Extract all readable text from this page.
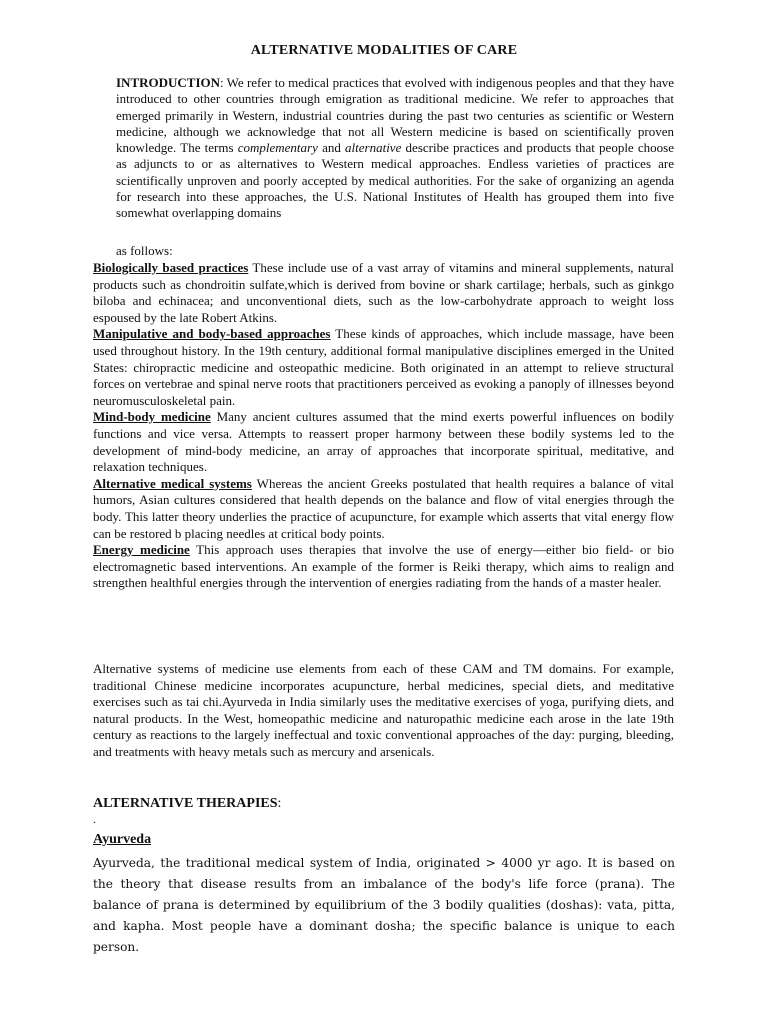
ALTERNATIVE MODALITIES OF CARE
INTRODUCTION: We refer to medical practices that evolved with indigenous peoples and that they have introduced to other countries through emigration as traditional medicine. We refer to approaches that emerged primarily in Western, industrial countries during the past two centuries as scientific or Western medicine, although we acknowledge that not all Western medicine is based on scientifically proven knowledge. The terms complementary and alternative describe practices and products that people choose as adjuncts to or as alternatives to Western medical approaches. Endless varieties of practices are scientifically unproven and poorly accepted by medical authorities. For the sake of organizing an agenda for research into these approaches, the U.S. National Institutes of Health has grouped them into five somewhat overlapping domains
as follows:

Biologically based practices These include use of a vast array of vitamins and mineral supplements, natural products such as chondroitin sulfate,which is derived from bovine or shark cartilage; herbals, such as ginkgo biloba and echinacea; and unconventional diets, such as the low-carbohydrate approach to weight loss espoused by the late Robert Atkins.

Manipulative and body-based approaches These kinds of approaches, which include massage, have been used throughout history. In the 19th century, additional formal manipulative disciplines emerged in the United States: chiropractic medicine and osteopathic medicine. Both originated in an attempt to relieve structural forces on vertebrae and spinal nerve roots that practitioners perceived as evoking a panoply of illnesses beyond neuromusculoskeletal pain.

Mind-body medicine Many ancient cultures assumed that the mind exerts powerful influences on bodily functions and vice versa. Attempts to reassert proper harmony between these bodily systems led to the development of mind-body medicine, an array of approaches that incorporate spiritual, meditative, and relaxation techniques.

Alternative medical systems Whereas the ancient Greeks postulated that health requires a balance of vital humors, Asian cultures considered that health depends on the balance and flow of vital energies through the body. This latter theory underlies the practice of acupuncture, for example which asserts that vital energy flow can be restored b placing needles at critical body points.

Energy medicine This approach uses therapies that involve the use of energy—either bio field- or bio electromagnetic based interventions. An example of the former is Reiki therapy, which aims to realign and strengthen healthful energies through the intervention of energies radiating from the hands of a master healer.

Alternative systems of medicine use elements from each of these CAM and TM domains. For example, traditional Chinese medicine incorporates acupuncture, herbal medicines, special diets, and meditative exercises such as tai chi.Ayurveda in India similarly uses the meditative exercises of yoga, purifying diets, and natural products. In the West, homeopathic medicine and naturopathic medicine each arose in the late 19th century as reactions to the largely ineffectual and toxic conventional approaches of the day: purging, bleeding, and treatments with heavy metals such as mercury and arsenicals.
ALTERNATIVE THERAPIES:
.
Ayurveda
Ayurveda, the traditional medical system of India, originated > 4000 yr ago. It is based on the theory that disease results from an imbalance of the body's life force (prana). The balance of prana is determined by equilibrium of the 3 bodily qualities (doshas): vata, pitta, and kapha. Most people have a dominant dosha; the specific balance is unique to each person.
